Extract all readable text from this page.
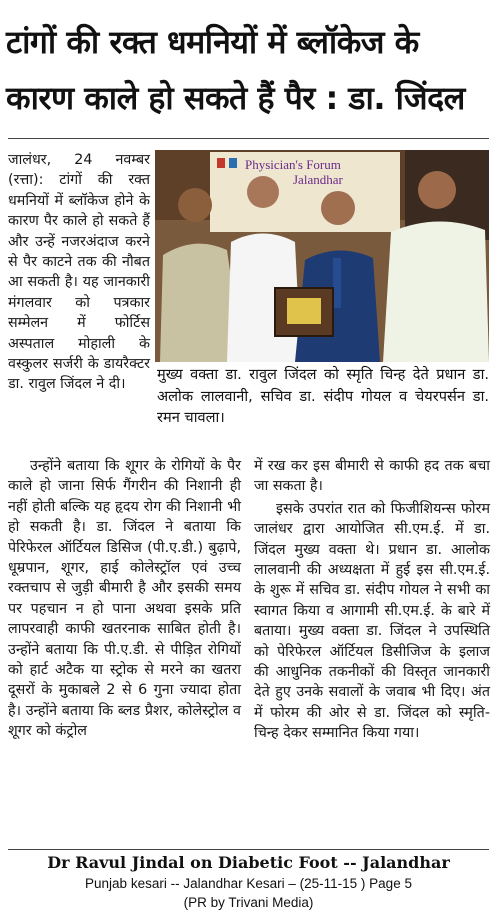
टांगों की रक्त धमनियों में ब्लॉकेज के
कारण काले हो सकते हैं पैर : डा. जिंदल

जालंधर, 24 नवम्बर (रत्ता): टांगों की रक्त धमनियों में ब्लॉकेज होने के कारण पैर काले हो सकते हैं और उन्हें नजरअंदाज करने से पैर काटने तक की नौबत आ सकती है। यह जानकारी मंगलवार को पत्रकार सम्मेलन में फोर्टिस अस्पताल मोहाली के वस्कुलर सर्जरी के डायरैक्टर डा. रावुल जिंदल ने दी।

Physician's Forum
Jalandhar
मुख्य वक्ता डा. रावुल जिंदल को स्मृति चिन्ह देते प्रधान डा. अलोक लालवानी, सचिव डा. संदीप गोयल व चेयरपर्सन डा. रमन चावला।

उन्होंने बताया कि शूगर के रोगियों के पैर काले हो जाना सिर्फ गैंगरीन की निशानी ही नहीं होती बल्कि यह हृदय रोग की निशानी भी हो सकती है। डा. जिंदल ने बताया कि पेरिफेरल ऑर्टियल डिसिज (पी.ए.डी.) बुढ़ापे, धूम्रपान, शूगर, हाई कोलेस्ट्रॉल एवं उच्च रक्तचाप से जुड़ी बीमारी है और इसकी समय पर पहचान न हो पाना अथवा इसके प्रति लापरवाही काफी खतरनाक साबित होती है। उन्होंने बताया कि पी.ए.डी. से पीड़ित रोगियों को हार्ट अटैक या स्ट्रोक से मरने का खतरा दूसरों के मुकाबले 2 से 6 गुना ज्यादा होता है। उन्होंने बताया कि ब्लड प्रैशर, कोलेस्ट्रोल व शूगर को कंट्रोल

में रख कर इस बीमारी से काफी हद तक बचा जा सकता है।

इसके उपरांत रात को फिजीशियन्स फोरम जालंधर द्वारा आयोजित सी.एम.ई. में डा. जिंदल मुख्य वक्ता थे। प्रधान डा. आलोक लालवानी की अध्यक्षता में हुई इस सी.एम.ई. के शुरू में सचिव डा. संदीप गोयल ने सभी का स्वागत किया व आगामी सी.एम.ई. के बारे में बताया। मुख्य वक्ता डा. जिंदल ने उपस्थिति को पेरिफेरल ऑर्टियल डिसीजिज के इलाज की आधुनिक तकनीकों की विस्तृत जानकारी देते हुए उनके सवालों के जवाब भी दिए। अंत में फोरम की ओर से डा. जिंदल को स्मृति-चिन्ह देकर सम्मानित किया गया।

Dr Ravul Jindal on Diabetic Foot -- Jalandhar
Punjab kesari -- Jalandhar Kesari – (25-11-15 ) Page 5
(PR by Trivani Media)
